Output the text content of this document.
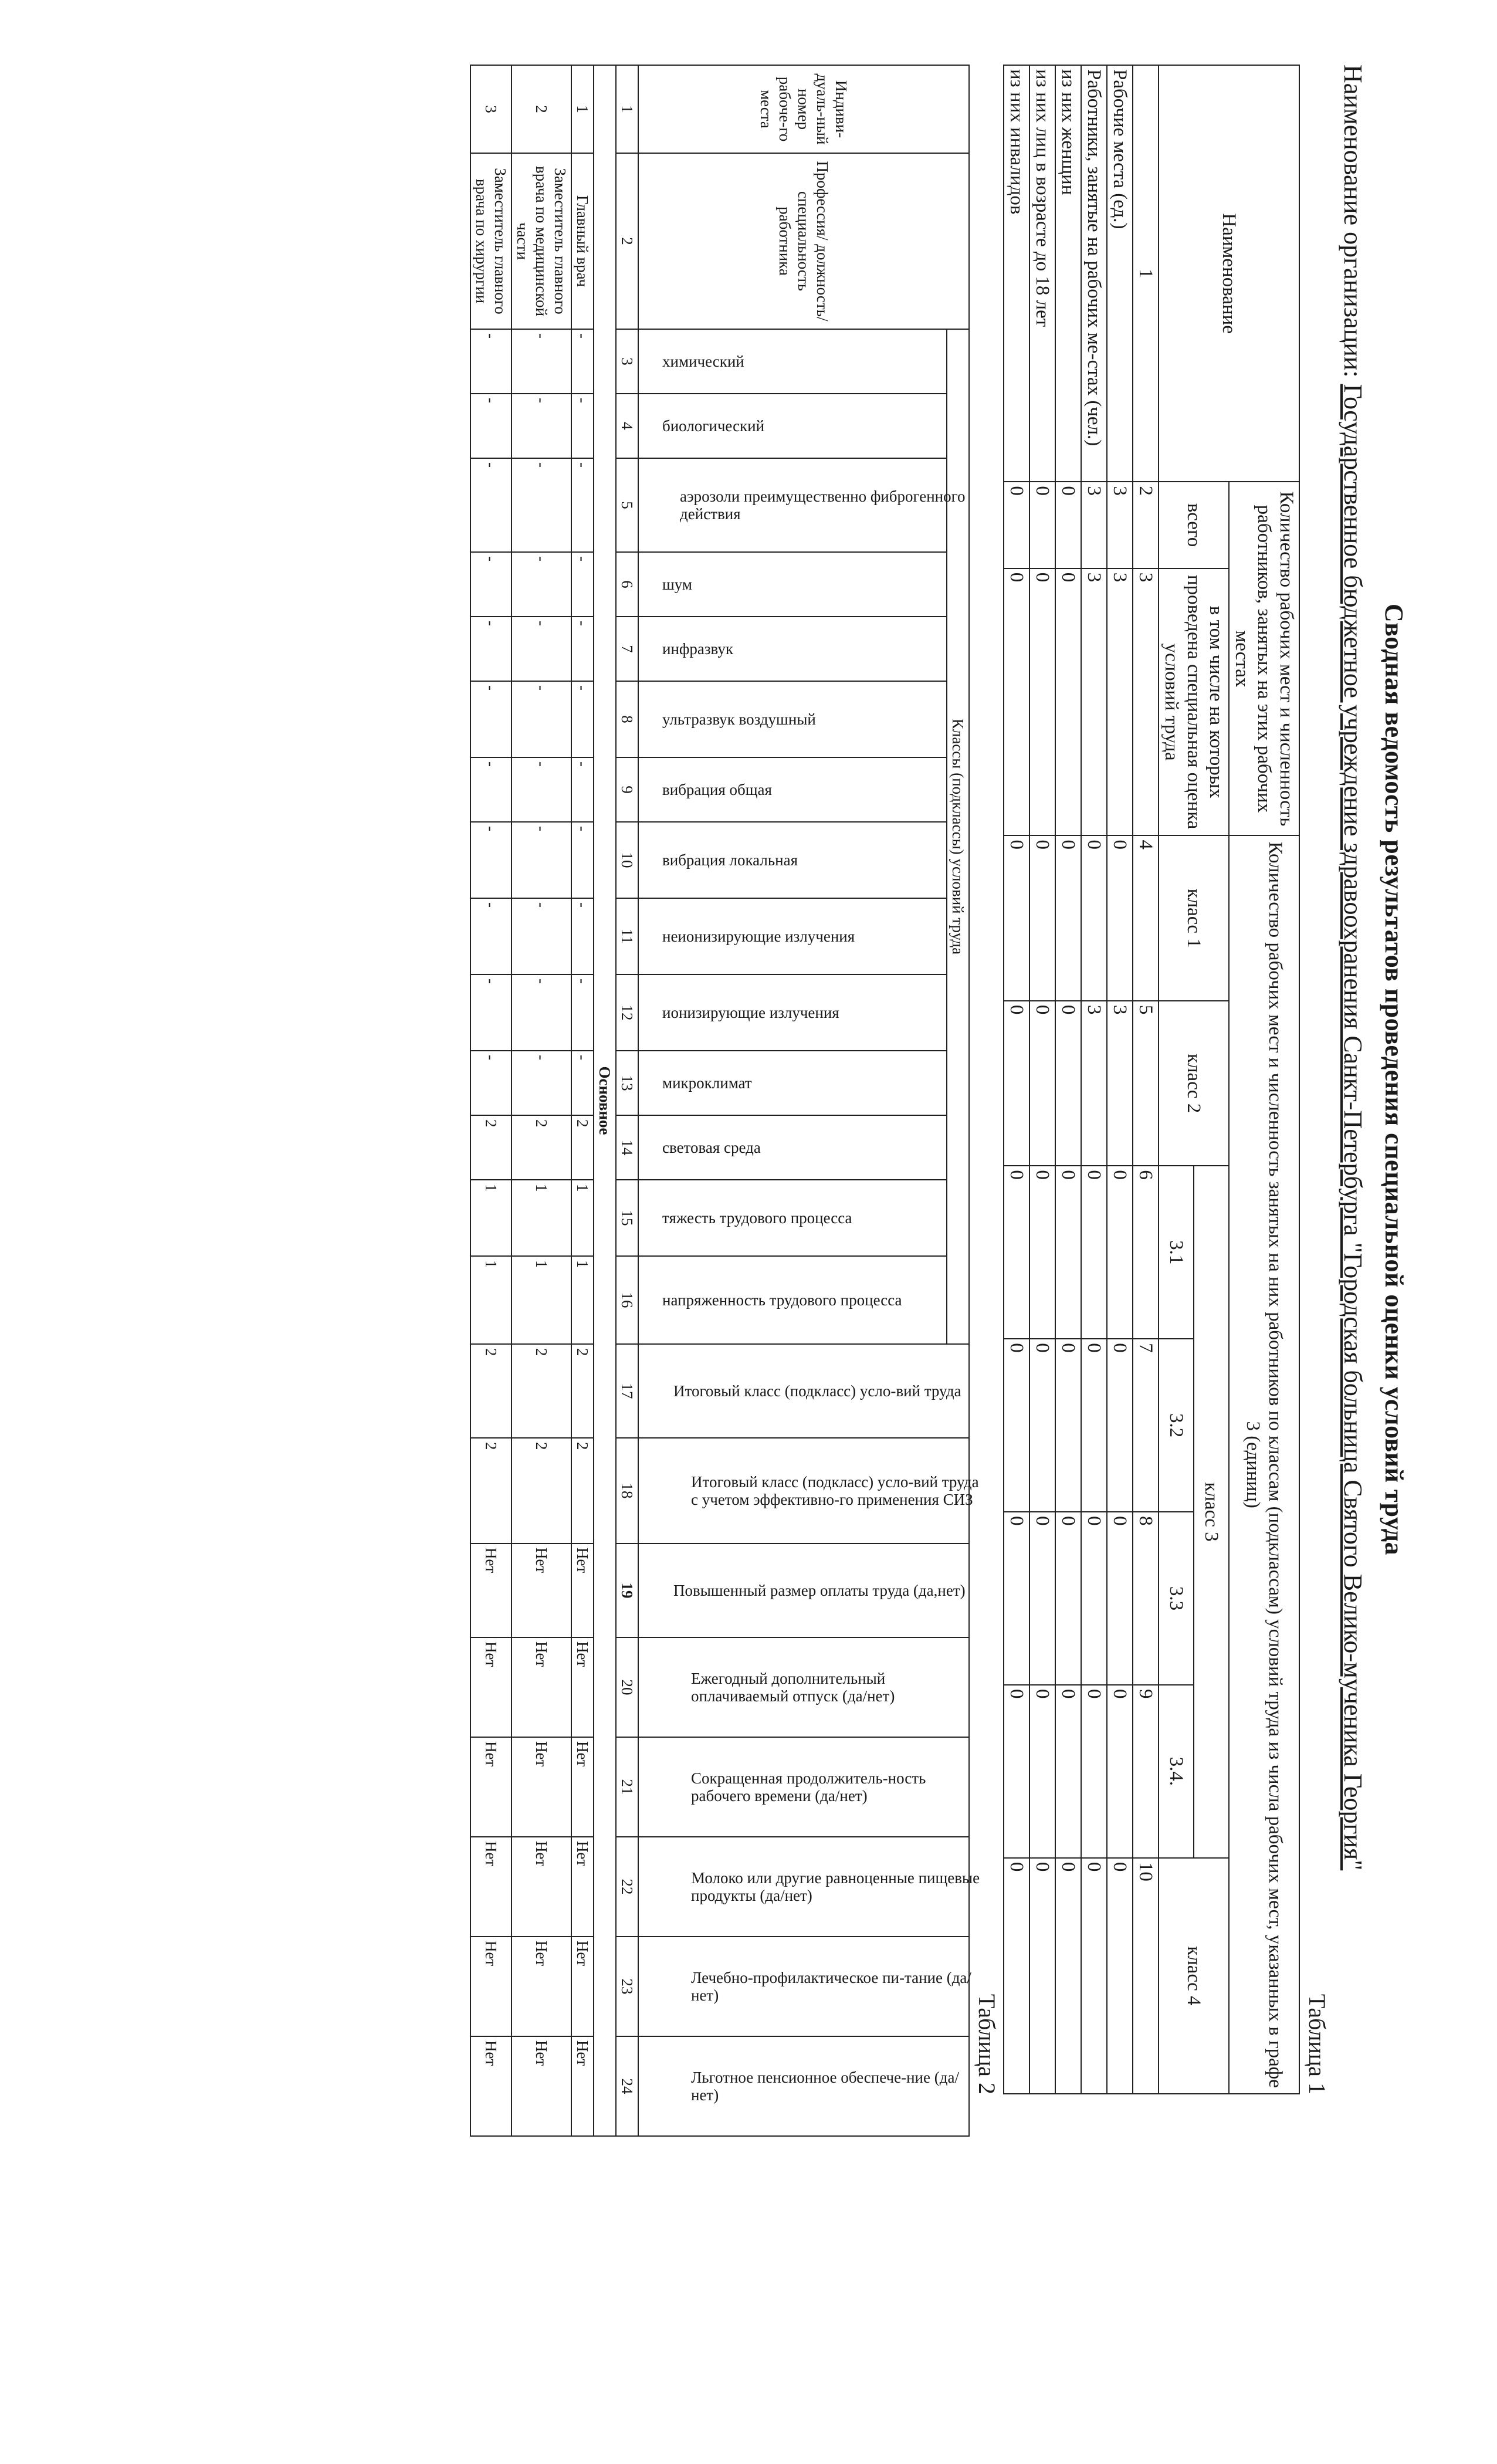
Сводная ведомость результатов проведения специальной оценки условий труда
Наименование организации: Государственное бюджетное учреждение здравоохранения Санкт-Петербурга "Городская больница Святого Велико-мученика Георгия"
Таблица 1
Наименование	Количество рабочих мест и численность работников, занятых на этих рабочих местах		Количество рабочих мест и численность занятых на них работников по классам (подклассам) условий труда из числа рабочих мест, указанных в графе 3 (единиц)						
	всего	в том числе на которых проведена специальная оценка условий труда	класс 1	класс 2	класс 3				класс 4
					3.1	3.2	3.3	3.4.	
1	2	3	4	5	6	7	8	9	10
Рабочие места (ед.)	3	3	0	3	0	0	0	0	0
Работники, занятые на рабочих ме-стах (чел.)	3	3	0	3	0	0	0	0	0
из них женщин	0	0	0	0	0	0	0	0	0
из них лиц в возрасте до 18 лет	0	0	0	0	0	0	0	0	0
из них инвалидов	0	0	0	0	0	0	0	0	0
Таблица 2
Индиви-дуаль-ный номер рабоче-го места	Профессия/ должность/ специальность работника	Классы (подклассы) условий труда														Итоговый класс (подкласс) усло-вий труда	Итоговый класс (подкласс) усло-вий труда с учетом эффективно-го применения СИЗ	Повышенный размер оплаты труда (да,нет)	Ежегодный дополнительный оплачиваемый отпуск (да/нет)	Сокращенная продолжитель-ность рабочего времени (да/нет)	Молоко или другие равноценные пищевые продукты (да/нет)	Лечебно-профилактическое пи-тание (да/нет)	Льготное пенсионное обеспече-ние (да/нет)

		химический	биологический	аэрозоли преимущественно фиброгенного действия	шум	инфразвук	ультразвук воздушный	вибрация общая	вибрация локальная	неионизирующие излучения	ионизирующие излучения	микроклимат	световая среда	тяжесть трудового процесса	напряженность трудового процесса								

1	2	3	4	5	6	7	8	9	10	11	12	13	14	15	16	17	18	19	20	21	22	23	24
Основное																							
1	Главный врач	-	-	-	-	-	-	-	-	-	-	-	2	1	1	2	2	Нет	Нет	Нет	Нет	Нет	Нет
2	Заместитель главного врача по медицинской части	-	-	-	-	-	-	-	-	-	-	-	2	1	1	2	2	Нет	Нет	Нет	Нет	Нет	Нет
3	Заместитель главного врача по хирургии	-	-	-	-	-	-	-	-	-	-	-	2	1	1	2	2	Нет	Нет	Нет	Нет	Нет	Нет
